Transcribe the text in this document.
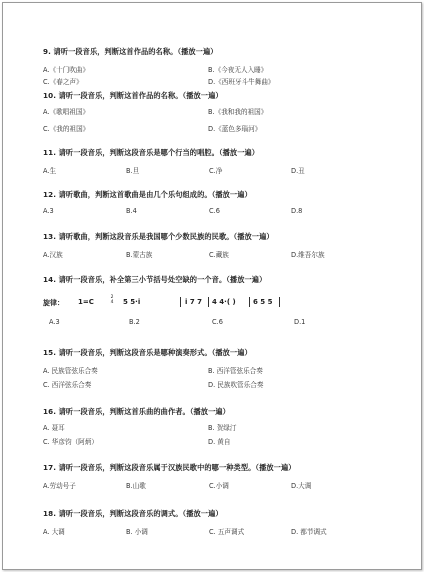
9. 请听一段音乐，判断这首作品的名称。（播放一遍）
A.《十门吹曲》	B.《今夜无人入睡》
C.《春之声》	D.《西班牙斗牛舞曲》
10. 请听一段音乐，判断这首作品的名称。（播放一遍）
A.《歌唱祖国》	B.《我和我的祖国》
C.《我的祖国》	D.《蓝色多瑙河》
11. 请听一段音乐，判断这段音乐是哪个行当的唱腔。（播放一遍）
A.生	B.旦	C.净	D.丑
12. 请听歌曲，判断这首歌曲是由几个乐句组成的。（播放一遍）
A.3	B.4	C.6	D.8
13. 请听歌曲，判断这段音乐是我国哪个少数民族的民歌。（播放一遍）
A.汉族	B.蒙古族	C.藏族	D.维吾尔族
14. 请听一段音乐，补全第三小节括号处空缺的一个音。（播放一遍）
旋律： 1=C
2
4	5 5·i	i 7 7 4 4·( ) 6 5 5
A.3	B.2	C.6	D.1
15. 请听一段音乐，判断这段音乐是哪种演奏形式。（播放一遍）
A. 民族管弦乐合奏	B. 西洋管弦乐合奏
C. 西洋弦乐合奏	D. 民族吹管乐合奏
16. 请听一段音乐，判断这首乐曲的曲作者。（播放一遍）
A. 聂耳	B. 贺绿汀
C. 华彦钧（阿炳）	D. 黄自
17. 请听一段音乐，判断这段音乐属于汉族民歌中的哪一种类型。（播放一遍）
A.劳动号子	B.山歌	C.小调	D.大调
18. 请听一段音乐，判断这段音乐的调式。（播放一遍）
A. 大调	B. 小调	C. 五声调式	D. 都节调式
